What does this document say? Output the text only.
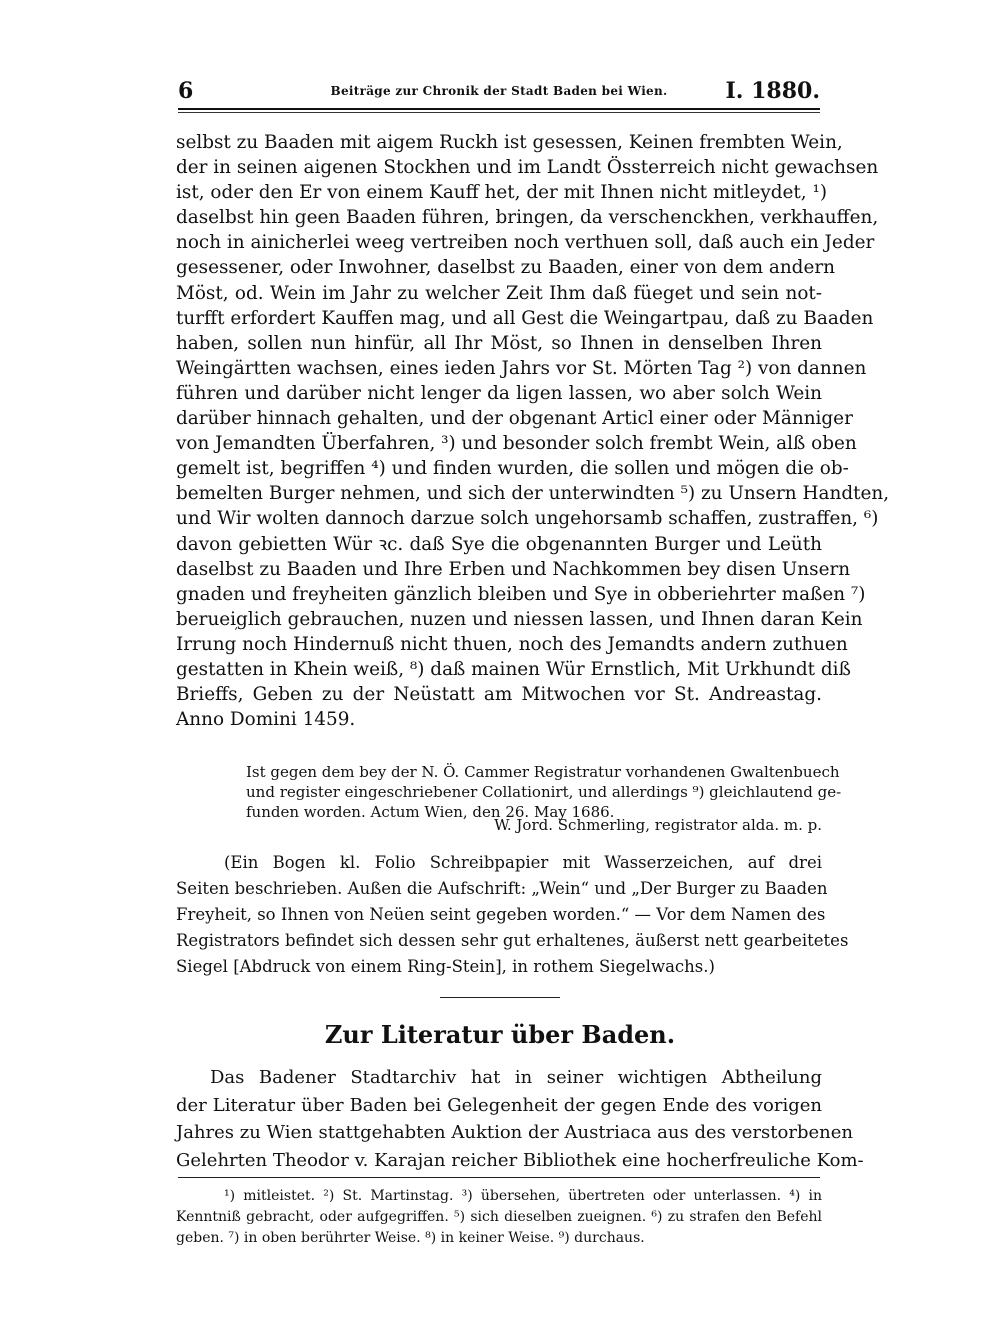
6	Beiträge zur Chronik der Stadt Baden bei Wien.	I. 1880.
selbst zu Baaden mit aigem Ruckh ist gesessen, Keinen frembten Wein,
der in seinen aigenen Stockhen und im Landt Össterreich nicht gewachsen
ist, oder den Er von einem Kauff het, der mit Ihnen nicht mitleydet, ¹)
daselbst hin geen Baaden führen, bringen, da verschenckhen, verkhauffen,
noch in ainicherlei weeg vertreiben noch verthuen soll, daß auch ein Jeder
gesessener, oder Inwohner, daselbst zu Baaden, einer von dem andern
Möst, od. Wein im Jahr zu welcher Zeit Ihm daß füeget und sein not-
turfft erfordert Kauffen mag, und all Gest die Weingartpau, daß zu Baaden
haben, sollen nun hinfür, all Ihr Möst, so Ihnen in denselben Ihren
Weingärtten wachsen, eines ieden Jahrs vor St. Mörten Tag ²) von dannen
führen und darüber nicht lenger da ligen lassen, wo aber solch Wein
darüber hinnach gehalten, und der obgenant Articl einer oder Männiger
von Jemandten Überfahren, ³) und besonder solch frembt Wein, alß oben
gemelt ist, begriffen ⁴) und finden wurden, die sollen und mögen die ob-
bemelten Burger nehmen, und sich der unterwindten ⁵) zu Unsern Handten,
und Wir wolten dannoch darzue solch ungehorsamb schaffen, zustraffen, ⁶)
davon gebietten Wür ꝛc. daß Sye die obgenannten Burger und Leüth
daselbst zu Baaden und Ihre Erben und Nachkommen bey disen Unsern
gnaden und freyheiten gänzlich bleiben und Sye in obberiehrter maßen ⁷)
berueܼiglich gebrauchen, nuzen und niessen lassen, und Ihnen daran Kein
Irrung noch Hindernuß nicht thuen, noch des Jemandts andern zuthuen
gestatten in Khein weiß, ⁸) daß mainen Wür Ernstlich, Mit Urkhundt diß
Brieffs, Geben zu der Neüstatt am Mitwochen vor St. Andreastag.
Anno Domini 1459.
Ist gegen dem bey der N. Ö. Cammer Registratur vorhandenen Gwaltenbuech
und register eingeschriebener Collationirt, und allerdings ⁹) gleichlautend ge-
funden worden. Actum Wien, den 26. May 1686.
W. Jord. Schmerling, registrator alda. m. p.
(Ein Bogen kl. Folio Schreibpapier mit Wasserzeichen, auf drei
Seiten beschrieben. Außen die Aufschrift: „Wein“ und „Der Burger zu Baaden
Freyheit, so Ihnen von Neüen seint gegeben worden.“ — Vor dem Namen des
Registrators befindet sich dessen sehr gut erhaltenes, äußerst nett gearbeitetes
Siegel [Abdruck von einem Ring-Stein], in rothem Siegelwachs.)
Zur Literatur über Baden.
Das Badener Stadtarchiv hat in seiner wichtigen Abtheilung
der Literatur über Baden bei Gelegenheit der gegen Ende des vorigen
Jahres zu Wien stattgehabten Auktion der Austriaca aus des verstorbenen
Gelehrten Theodor v. Karajan reicher Bibliothek eine hocherfreuliche Kom-
¹) mitleistet. ²) St. Martinstag. ³) übersehen, übertreten oder unterlassen. ⁴) in
Kenntniß gebracht, oder aufgegriffen. ⁵) sich dieselben zueignen. ⁶) zu strafen den Befehl
geben. ⁷) in oben berührter Weise. ⁸) in keiner Weise. ⁹) durchaus.
